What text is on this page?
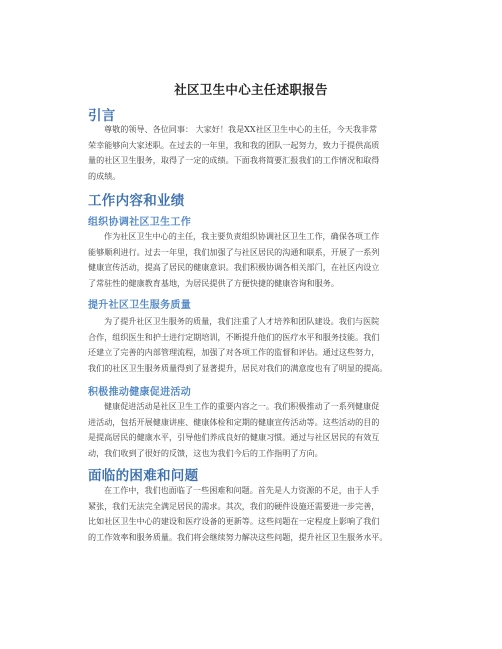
社区卫生中心主任述职报告
引言
尊敬的领导、各位同事： 大家好！我是XX社区卫生中心的主任，今天我非常
荣幸能够向大家述职。在过去的一年里，我和我的团队一起努力，致力于提供高质
量的社区卫生服务，取得了一定的成绩。下面我将简要汇报我们的工作情况和取得
的成绩。
工作内容和业绩
组织协调社区卫生工作
作为社区卫生中心的主任，我主要负责组织协调社区卫生工作，确保各项工作
能够顺利进行。过去一年里，我们加强了与社区居民的沟通和联系，开展了一系列
健康宣传活动，提高了居民的健康意识。我们积极协调各相关部门，在社区内设立
了常驻性的健康教育基地，为居民提供了方便快捷的健康咨询和服务。
提升社区卫生服务质量
为了提升社区卫生服务的质量，我们注重了人才培养和团队建设。我们与医院
合作，组织医生和护士进行定期培训，不断提升他们的医疗水平和服务技能。我们
还建立了完善的内部管理流程，加强了对各项工作的监督和评估。通过这些努力，
我们的社区卫生服务质量得到了显著提升，居民对我们的满意度也有了明显的提高。
积极推动健康促进活动
健康促进活动是社区卫生工作的重要内容之一。我们积极推动了一系列健康促
进活动，包括开展健康讲座、健康体检和定期的健康宣传活动等。这些活动的目的
是提高居民的健康水平，引导他们养成良好的健康习惯。通过与社区居民的有效互
动，我们收到了很好的反馈，这也为我们今后的工作指明了方向。
面临的困难和问题
在工作中，我们也面临了一些困难和问题。首先是人力资源的不足，由于人手
紧张，我们无法完全满足居民的需求。其次，我们的硬件设施还需要进一步完善，
比如社区卫生中心的建设和医疗设备的更新等。这些问题在一定程度上影响了我们
的工作效率和服务质量。我们将会继续努力解决这些问题，提升社区卫生服务水平。
